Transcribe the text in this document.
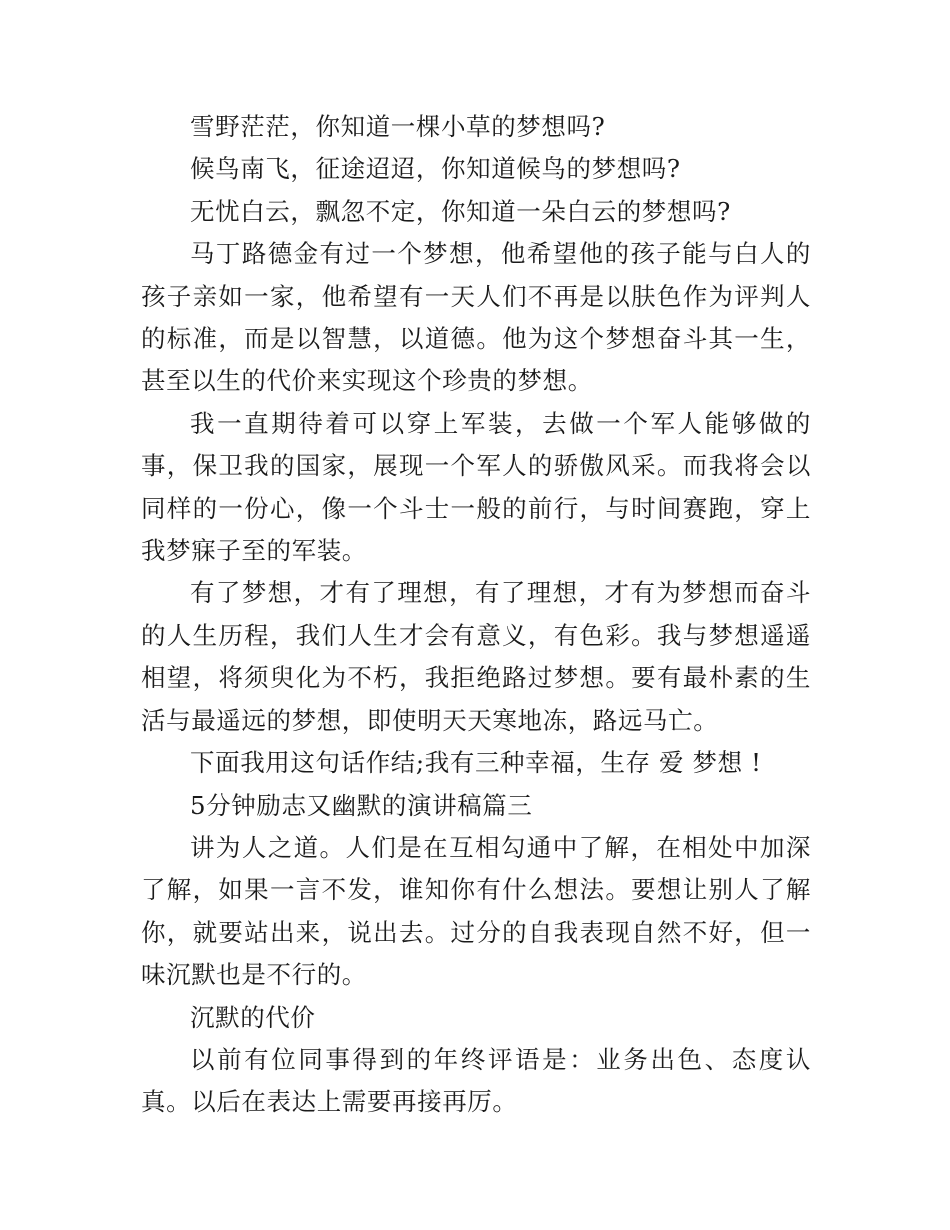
雪野茫茫，你知道一棵小草的梦想吗?

候鸟南飞，征途迢迢，你知道候鸟的梦想吗?

无忧白云，飘忽不定，你知道一朵白云的梦想吗?

马丁路德金有过一个梦想，他希望他的孩子能与白人的孩子亲如一家，他希望有一天人们不再是以肤色作为评判人的标准，而是以智慧，以道德。他为这个梦想奋斗其一生，甚至以生的代价来实现这个珍贵的梦想。

我一直期待着可以穿上军装，去做一个军人能够做的事，保卫我的国家，展现一个军人的骄傲风采。而我将会以同样的一份心，像一个斗士一般的前行，与时间赛跑，穿上我梦寐子至的军装。

有了梦想，才有了理想，有了理想，才有为梦想而奋斗的人生历程，我们人生才会有意义，有色彩。我与梦想遥遥相望，将须臾化为不朽，我拒绝路过梦想。要有最朴素的生活与最遥远的梦想，即使明天天寒地冻，路远马亡。

下面我用这句话作结;我有三种幸福，生存 爱 梦想 !

5分钟励志又幽默的演讲稿篇三

讲为人之道。人们是在互相勾通中了解，在相处中加深了解，如果一言不发，谁知你有什么想法。要想让别人了解你，就要站出来，说出去。过分的自我表现自然不好，但一味沉默也是不行的。

沉默的代价

以前有位同事得到的年终评语是：业务出色、态度认真。以后在表达上需要再接再厉。
